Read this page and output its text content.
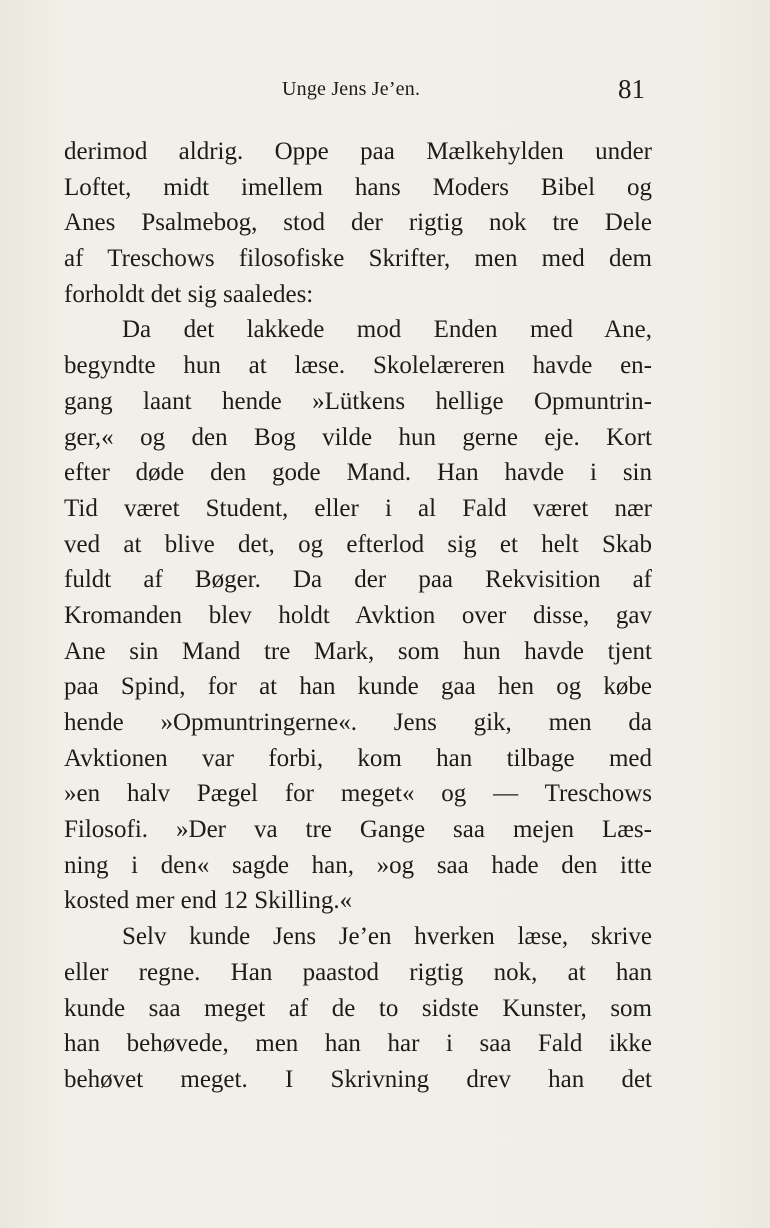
Unge Jens Je’en.	81
derimod aldrig. Oppe paa Mælkehylden under
Loftet, midt imellem hans Moders Bibel og
Anes Psalmebog, stod der rigtig nok tre Dele
af Treschows filosofiske Skrifter, men med dem
forholdt det sig saaledes:
Da det lakkede mod Enden med Ane,
begyndte hun at læse. Skolelæreren havde en-
gang laant hende »Lütkens hellige Opmuntrin-
ger,« og den Bog vilde hun gerne eje. Kort
efter døde den gode Mand. Han havde i sin
Tid været Student, eller i al Fald været nær
ved at blive det, og efterlod sig et helt Skab
fuldt af Bøger. Da der paa Rekvisition af
Kromanden blev holdt Avktion over disse, gav
Ane sin Mand tre Mark, som hun havde tjent
paa Spind, for at han kunde gaa hen og købe
hende »Opmuntringerne«. Jens gik, men da
Avktionen var forbi, kom han tilbage med
»en halv Pægel for meget« og — Treschows
Filosofi. »Der va tre Gange saa mejen Læs-
ning i den« sagde han, »og saa hade den itte
kosted mer end 12 Skilling.«
Selv kunde Jens Je’en hverken læse, skrive
eller regne. Han paastod rigtig nok, at han
kunde saa meget af de to sidste Kunster, som
han behøvede, men han har i saa Fald ikke
behøvet meget. I Skrivning drev han det
